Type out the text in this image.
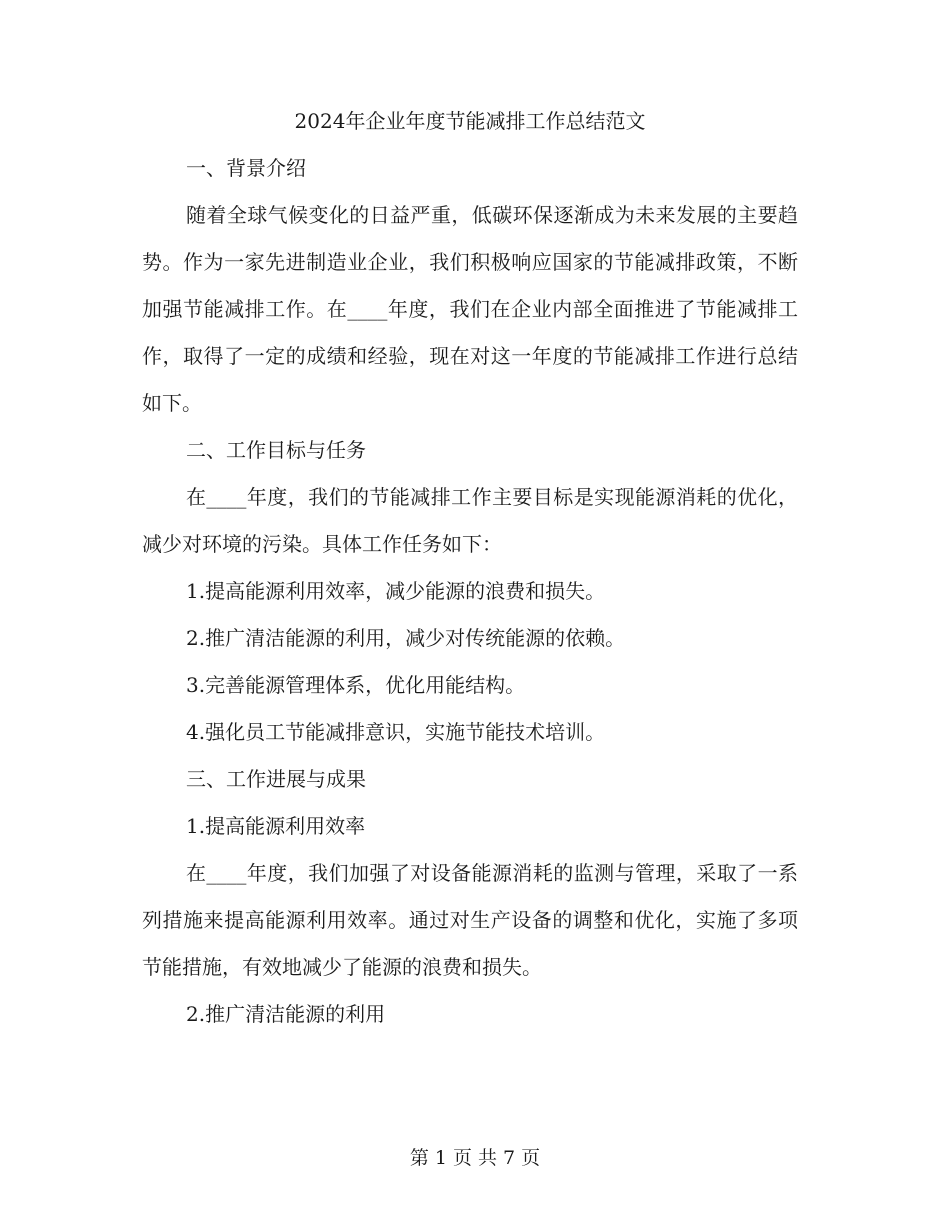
2024年企业年度节能减排工作总结范文

一、背景介绍

随着全球气候变化的日益严重，低碳环保逐渐成为未来发展的主要趋势。作为一家先进制造业企业，我们积极响应国家的节能减排政策，不断加强节能减排工作。在____年度，我们在企业内部全面推进了节能减排工作，取得了一定的成绩和经验，现在对这一年度的节能减排工作进行总结如下。

二、工作目标与任务

在____年度，我们的节能减排工作主要目标是实现能源消耗的优化，减少对环境的污染。具体工作任务如下：

1.提高能源利用效率，减少能源的浪费和损失。

2.推广清洁能源的利用，减少对传统能源的依赖。

3.完善能源管理体系，优化用能结构。

4.强化员工节能减排意识，实施节能技术培训。

三、工作进展与成果

1.提高能源利用效率

在____年度，我们加强了对设备能源消耗的监测与管理，采取了一系列措施来提高能源利用效率。通过对生产设备的调整和优化，实施了多项节能措施，有效地减少了能源的浪费和损失。

2.推广清洁能源的利用

第 1 页 共 7 页
